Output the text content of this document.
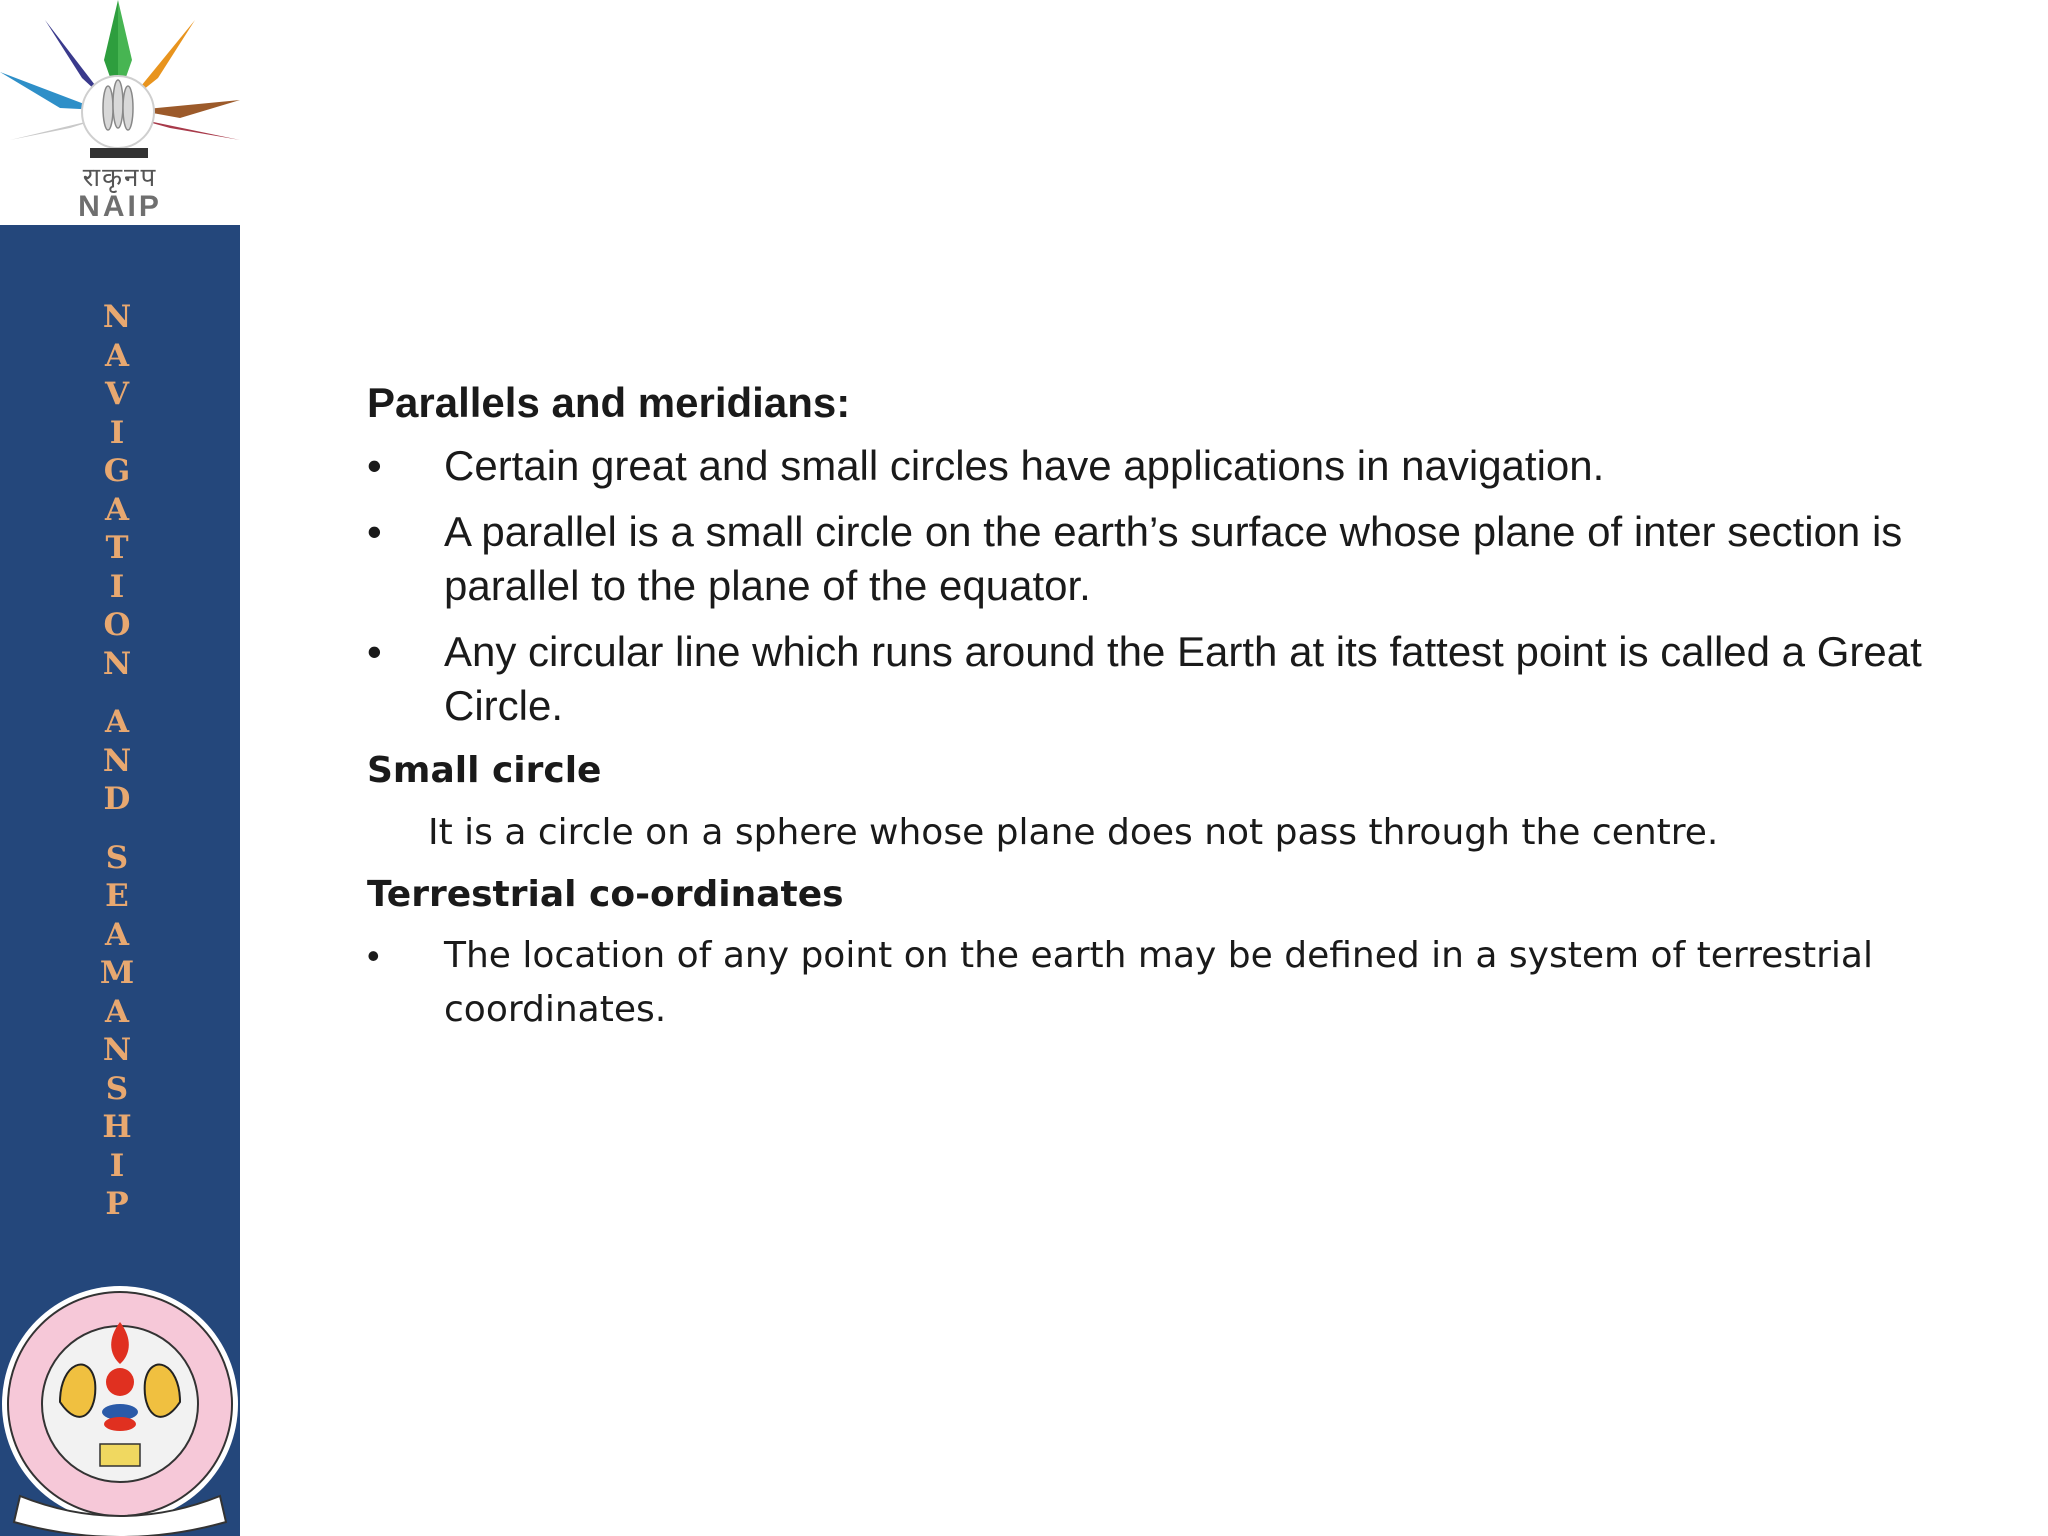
राकृनप
NAIP
N
A
V
I
G
A
T
I
O
N
A
N
D
S
E
A
M
A
N
S
H
I
P
Parallels and meridians:
• Certain great and small circles have applications in navigation.
• A parallel is a small circle on the earth’s surface whose plane of inter section is parallel to the plane of the equator.
• Any circular line which runs around the Earth at its fattest point is called a Great Circle.
Small circle
It is a circle on a sphere whose plane does not pass through the centre.
Terrestrial co-ordinates
• The location of any point on the earth may be defined in a system of terrestrial coordinates.
